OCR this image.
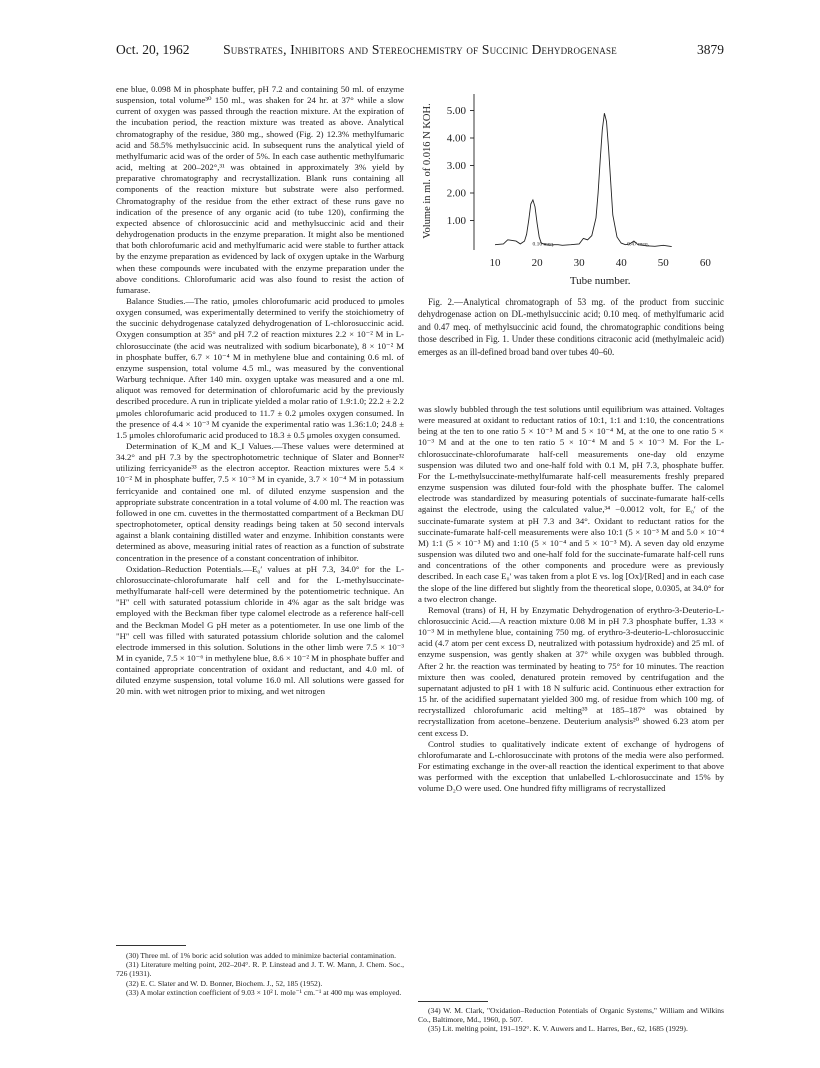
Oct. 20, 1962	Substrates, Inhibitors and Stereochemistry of Succinic Dehydrogenase	3879

ene blue, 0.098 M in phosphate buffer, pH 7.2 and containing 50 ml. of enzyme suspension, total volume³⁰ 150 ml., was shaken for 24 hr. at 37° while a slow current of oxygen was passed through the reaction mixture. At the expiration of the incubation period, the reaction mixture was treated as above. Analytical chromatography of the residue, 380 mg., showed (Fig. 2) 12.3% methylfumaric acid and 58.5% methylsuccinic acid. In subsequent runs the analytical yield of methylfumaric acid was of the order of 5%. In each case authentic methylfumaric acid, melting at 200–202°,³¹ was obtained in approximately 3% yield by preparative chromatography and recrystallization. Blank runs containing all components of the reaction mixture but substrate were also performed. Chromatography of the residue from the ether extract of these runs gave no indication of the presence of any organic acid (to tube 120), confirming the expected absence of chlorosuccinic acid and methylsuccinic acid and their dehydrogenation products in the enzyme preparation. It might also be mentioned that both chlorofumaric acid and methylfumaric acid were stable to further attack by the enzyme preparation as evidenced by lack of oxygen uptake in the Warburg when these compounds were incubated with the enzyme preparation under the above conditions. Chlorofumaric acid was also found to resist the action of fumarase.

Balance Studies.—The ratio, μmoles chlorofumaric acid produced to μmoles oxygen consumed, was experimentally determined to verify the stoichiometry of the succinic dehydrogenase catalyzed dehydrogenation of L-chlorosuccinic acid. Oxygen consumption at 35° and pH 7.2 of reaction mixtures 2.2 × 10⁻² M in L-chlorosuccinate (the acid was neutralized with sodium bicarbonate), 8 × 10⁻² M in phosphate buffer, 6.7 × 10⁻⁴ M in methylene blue and containing 0.6 ml. of enzyme suspension, total volume 4.5 ml., was measured by the conventional Warburg technique. After 140 min. oxygen uptake was measured and a one ml. aliquot was removed for determination of chlorofumaric acid by the previously described procedure. A run in triplicate yielded a molar ratio of 1.9:1.0; 22.2 ± 2.2 μmoles chlorofumaric acid produced to 11.7 ± 0.2 μmoles oxygen consumed. In the presence of 4.4 × 10⁻³ M cyanide the experimental ratio was 1.36:1.0; 24.8 ± 1.5 μmoles chlorofumaric acid produced to 18.3 ± 0.5 μmoles oxygen consumed.

Determination of K_M and K_I Values.—These values were determined at 34.2° and pH 7.3 by the spectrophotometric technique of Slater and Bonner³² utilizing ferricyanide³³ as the electron acceptor. Reaction mixtures were 5.4 × 10⁻² M in phosphate buffer, 7.5 × 10⁻³ M in cyanide, 3.7 × 10⁻⁴ M in potassium ferricyanide and contained one ml. of diluted enzyme suspension and the appropriate substrate concentration in a total volume of 4.00 ml. The reaction was followed in one cm. cuvettes in the thermostatted compartment of a Beckman DU spectrophotometer, optical density readings being taken at 50 second intervals against a blank containing distilled water and enzyme. Inhibition constants were determined as above, measuring initial rates of reaction as a function of substrate concentration in the presence of a constant concentration of inhibitor.

Oxidation–Reduction Potentials.—E₀′ values at pH 7.3, 34.0° for the L-chlorosuccinate-chlorofumarate half cell and for the L-methylsuccinate-methylfumarate half-cell were determined by the potentiometric technique. An "H" cell with saturated potassium chloride in 4% agar as the salt bridge was employed with the Beckman fiber type calomel electrode as a reference half-cell and the Beckman Model G pH meter as a potentiometer. In use one limb of the "H" cell was filled with saturated potassium chloride solution and the calomel electrode immersed in this solution. Solutions in the other limb were 7.5 × 10⁻³ M in cyanide, 7.5 × 10⁻⁶ in methylene blue, 8.6 × 10⁻² M in phosphate buffer and contained appropriate concentration of oxidant and reductant, and 4.0 ml. of diluted enzyme suspension, total volume 16.0 ml. All solutions were gassed for 20 min. with wet nitrogen prior to mixing, and wet nitrogen

(30) Three ml. of 1% boric acid solution was added to minimize bacterial contamination.

(31) Literature melting point, 202–204°. R. P. Linstead and J. T. W. Mann, J. Chem. Soc., 726 (1931).

(32) E. C. Slater and W. D. Bonner, Biochem. J., 52, 185 (1952).

(33) A molar extinction coefficient of 9.03 × 10² l. mole⁻¹ cm.⁻¹ at 400 mμ was employed.

1.00
2.00
3.00
4.00
5.00
Volume in ml. of 0.016 N KOH.
10	20	30	40	50	60
Tube number.
0.10 meq.	0.47 meq.

Fig. 2.—Analytical chromatograph of 53 mg. of the product from succinic dehydrogenase action on DL-methylsuccinic acid; 0.10 meq. of methylfumaric acid and 0.47 meq. of methylsuccinic acid found, the chromatographic conditions being those described in Fig. 1. Under these conditions citraconic acid (methylmaleic acid) emerges as an ill-defined broad band over tubes 40–60.

was slowly bubbled through the test solutions until equilibrium was attained. Voltages were measured at oxidant to reductant ratios of 10:1, 1:1 and 1:10, the concentrations being at the ten to one ratio 5 × 10⁻³ M and 5 × 10⁻⁴ M, at the one to one ratio 5 × 10⁻³ M and at the one to ten ratio 5 × 10⁻⁴ M and 5 × 10⁻³ M. For the L-chlorosuccinate-chlorofumarate half-cell measurements one-day old enzyme suspension was diluted two and one-half fold with 0.1 M, pH 7.3, phosphate buffer. For the L-methylsuccinate-methylfumarate half-cell measurements freshly prepared enzyme suspension was diluted four-fold with the phosphate buffer. The calomel electrode was standardized by measuring potentials of succinate-fumarate half-cells against the electrode, using the calculated value,³⁴ −0.0012 volt, for E₀′ of the succinate-fumarate system at pH 7.3 and 34°. Oxidant to reductant ratios for the succinate-fumarate half-cell measurements were also 10:1 (5 × 10⁻³ M and 5.0 × 10⁻⁴ M) 1:1 (5 × 10⁻³ M) and 1:10 (5 × 10⁻⁴ and 5 × 10⁻³ M). A seven day old enzyme suspension was diluted two and one-half fold for the succinate-fumarate half-cell runs and concentrations of the other components and procedure were as previously described. In each case E₀′ was taken from a plot E vs. log [Ox]/[Red] and in each case the slope of the line differed but slightly from the theoretical slope, 0.0305, at 34.0° for a two electron change.

Removal (trans) of H, H by Enzymatic Dehydrogenation of erythro-3-Deuterio-L-chlorosuccinic Acid.—A reaction mixture 0.08 M in pH 7.3 phosphate buffer, 1.33 × 10⁻³ M in methylene blue, containing 750 mg. of erythro-3-deuterio-L-chlorosuccinic acid (4.7 atom per cent excess D, neutralized with potassium hydroxide) and 25 ml. of enzyme suspension, was gently shaken at 37° while oxygen was bubbled through. After 2 hr. the reaction was terminated by heating to 75° for 10 minutes. The reaction mixture then was cooled, denatured protein removed by centrifugation and the supernatant adjusted to pH 1 with 18 N sulfuric acid. Continuous ether extraction for 15 hr. of the acidified supernatant yielded 300 mg. of residue from which 100 mg. of recrystallized chlorofumaric acid melting³⁵ at 185–187° was obtained by recrystallization from acetone–benzene. Deuterium analysis²⁰ showed 6.23 atom per cent excess D.

Control studies to qualitatively indicate extent of exchange of hydrogens of chlorofumarate and L-chlorosuccinate with protons of the media were also performed. For estimating exchange in the over-all reaction the identical experiment to that above was performed with the exception that unlabelled L-chlorosuccinate and 15% by volume D₂O were used. One hundred fifty milligrams of recrystallized

(34) W. M. Clark, "Oxidation–Reduction Potentials of Organic Systems," William and Wilkins Co., Baltimore, Md., 1960, p. 507.

(35) Lit. melting point, 191–192°. K. V. Auwers and L. Harres, Ber., 62, 1685 (1929).
